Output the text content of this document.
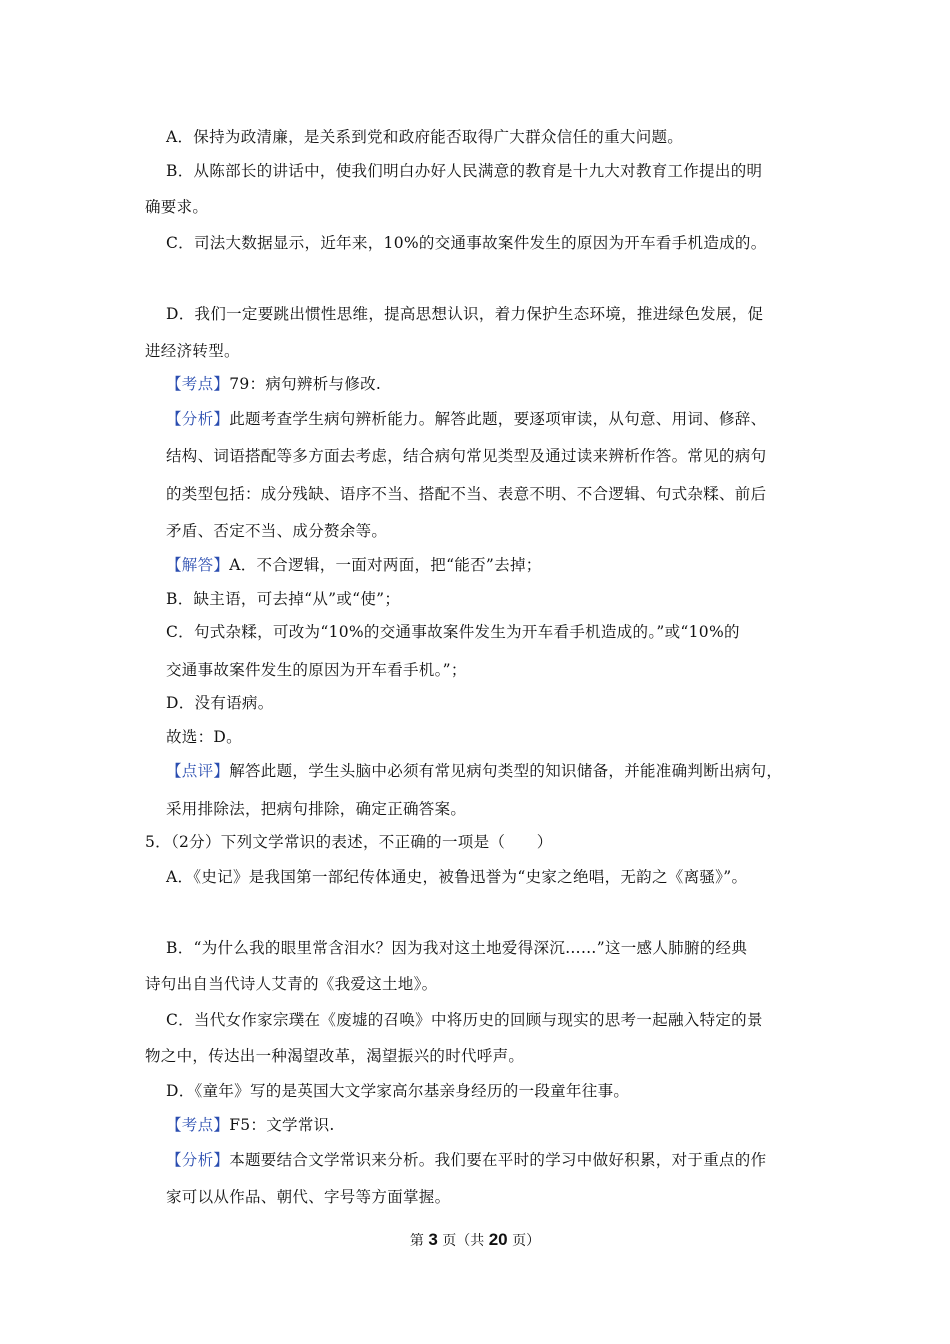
A．保持为政清廉，是关系到党和政府能否取得广大群众信任的重大问题。
B．从陈部长的讲话中，使我们明白办好人民满意的教育是十九大对教育工作提出的明
确要求。
C．司法大数据显示，近年来，10%的交通事故案件发生的原因为开车看手机造成的。
D．我们一定要跳出惯性思维，提高思想认识，着力保护生态环境，推进绿色发展，促
进经济转型。
【考点】79：病句辨析与修改.
【分析】此题考查学生病句辨析能力。解答此题，要逐项审读，从句意、用词、修辞、
结构、词语搭配等多方面去考虑，结合病句常见类型及通过读来辨析作答。常见的病句
的类型包括：成分残缺、语序不当、搭配不当、表意不明、不合逻辑、句式杂糅、前后
矛盾、否定不当、成分赘余等。
【解答】A．不合逻辑，一面对两面，把“能否”去掉；
B．缺主语，可去掉“从”或“使”；
C．句式杂糅，可改为“10%的交通事故案件发生为开车看手机造成的。”或“10%的
交通事故案件发生的原因为开车看手机。”；
D．没有语病。
故选：D。
【点评】解答此题，学生头脑中必须有常见病句类型的知识储备，并能准确判断出病句，
采用排除法，把病句排除，确定正确答案。
5．（2分）下列文学常识的表述，不正确的一项是（　　）
A．《史记》是我国第一部纪传体通史，被鲁迅誉为“史家之绝唱，无韵之《离骚》”。
B．“为什么我的眼里常含泪水？因为我对这土地爱得深沉……”这一感人肺腑的经典
诗句出自当代诗人艾青的《我爱这土地》。
C．当代女作家宗璞在《废墟的召唤》中将历史的回顾与现实的思考一起融入特定的景
物之中，传达出一种渴望改革，渴望振兴的时代呼声。
D．《童年》写的是英国大文学家高尔基亲身经历的一段童年往事。
【考点】F5：文学常识.
【分析】本题要结合文学常识来分析。我们要在平时的学习中做好积累，对于重点的作
家可以从作品、朝代、字号等方面掌握。
第 3 页（共 20 页）
